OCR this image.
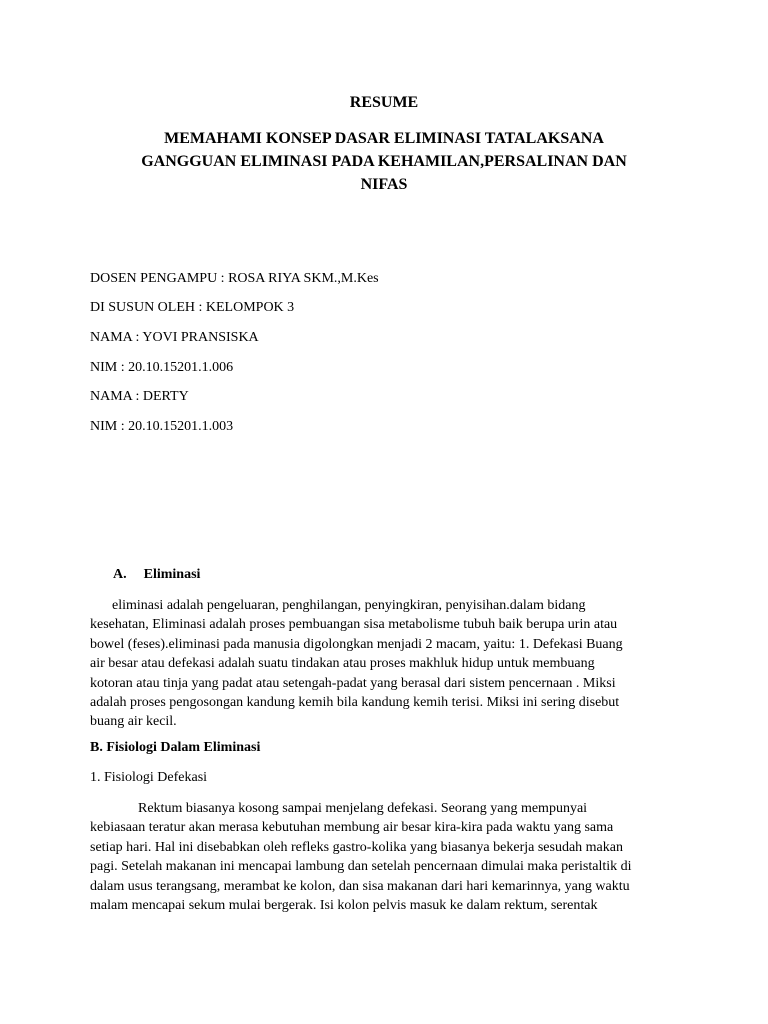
RESUME
MEMAHAMI KONSEP DASAR ELIMINASI TATALAKSANA
GANGGUAN ELIMINASI PADA KEHAMILAN,PERSALINAN DAN
NIFAS
DOSEN PENGAMPU : ROSA RIYA SKM.,M.Kes
DI SUSUN OLEH : KELOMPOK 3
NAMA : YOVI PRANSISKA
NIM : 20.10.15201.1.006
NAMA : DERTY
NIM : 20.10.15201.1.003
A. Eliminasi
eliminasi adalah pengeluaran, penghilangan, penyingkiran, penyisihan.dalam bidang
kesehatan, Eliminasi adalah proses pembuangan sisa metabolisme tubuh baik berupa urin atau
bowel (feses).eliminasi pada manusia digolongkan menjadi 2 macam, yaitu: 1. Defekasi Buang
air besar atau defekasi adalah suatu tindakan atau proses makhluk hidup untuk membuang
kotoran atau tinja yang padat atau setengah-padat yang berasal dari sistem pencernaan . Miksi
adalah proses pengosongan kandung kemih bila kandung kemih terisi. Miksi ini sering disebut
buang air kecil.
B. Fisiologi Dalam Eliminasi
1. Fisiologi Defekasi
Rektum biasanya kosong sampai menjelang defekasi. Seorang yang mempunyai
kebiasaan teratur akan merasa kebutuhan membung air besar kira-kira pada waktu yang sama
setiap hari. Hal ini disebabkan oleh refleks gastro-kolika yang biasanya bekerja sesudah makan
pagi. Setelah makanan ini mencapai lambung dan setelah pencernaan dimulai maka peristaltik di
dalam usus terangsang, merambat ke kolon, dan sisa makanan dari hari kemarinnya, yang waktu
malam mencapai sekum mulai bergerak. Isi kolon pelvis masuk ke dalam rektum, serentak
